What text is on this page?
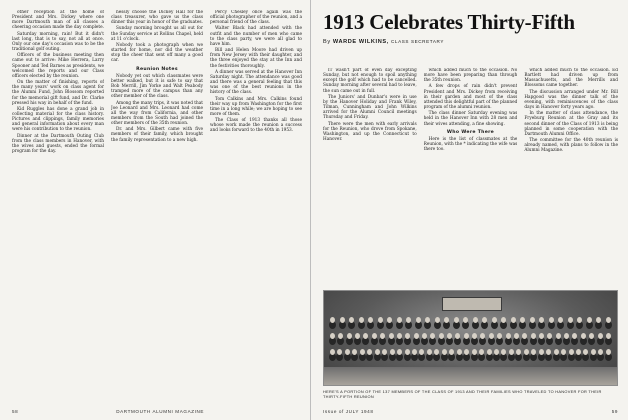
other reception at the home of President and Mrs. Dickey where one more Dartmouth man of all classes a cheering occasion made the day complete.

Saturday morning, rain! But it didn't last long, that is to say, not all at once. Only our one day's occasion was to be the traditional golf outing.

Officers of the business meeting then came out to arrive: Mike Herrera, Larry Spooner and Ted Barnes as presidents, we welcomed the reports and our Class officers elected by the reunion.

On the matter of finishing, reports of the many years' work on class agent for the Alumni Fund, John Blossom reported for the memorial gift fund, and Dr. Clarke pressed his way in behalf of the fund.

Kid Ruggles has done a grand job in collecting material for the class history. Pictures and clippings, family memories and general information about every man were his contribution to the reunion.

Dinner at the Dartmouth Outing Club from the class members in Hanover, with the wives and guests, ended the formal program for the day.

nessly choose the Dickey Hall for the class treasurer, who gave us the class dinner this year in honor of the graduates.

Sunday morning brought us all out for the Sunday service at Rollins Chapel, held at 11 o'clock.

Nobody took a photograph when we started for home, nor did the weather stop the cheer that sent off many a good car.

Reunion Notes

Nobody yet out which classmates were better walked, but it is safe to say that Bob Merrill, Jim Yorke and Walt Peabody tramped more of the campus than any other member of the class.

Among the many trips, it was noted that Joe Leonard and Mrs. Leonard had come all the way from California, and other members from the South had joined the other members of the 35th reunion.

Dr. and Mrs. Gilbert came with five members of their family, which brought the family representation to a new high.

Percy Chesley once again was the official photographer of the reunion, and a personal friend of the class.

Walter Black had attended with the outfit and the number of men who came to the class party, we were all glad to have him.

Bill and Helen Moore had driven up from New Jersey with their daughter, and the three enjoyed the stay at the Inn and the festivities thoroughly.

A dinner was served at the Hanover Inn Saturday night. The attendance was good and there was a general feeling that this was one of the best reunions in the history of the class.

Tom Calkins and Mrs. Calkins found their way up from Washington for the first time in a long while; we are hoping to see more of them.

The Class of 1913 thanks all those whose work made the reunion a success and looks forward to the 40th in 1953.

58	DARTMOUTH ALUMNI MAGAZINE
1913 Celebrates Thirty-Fifth
By WARDE WILKINS, CLASS SECRETARY

IT wasn't part of even day excepting Sunday, but not enough to spoil anything except the golf which had to be cancelled. Sunday morning after several had to leave, the sun came out in full.

The Juniors' and Dunbar's were in use by the Hanover Holiday and Frank Wiley, Tilman, Cunningham and John Wilkins arrived for the Alumni Council meetings Thursday and Friday.

There were the men with early arrivals for the Reunion, who drove from Spokane, Washington, and up the Connecticut to Hanover.

which added much to the occasion. No more have been preparing than through the 35th reunion.

A few drops of rain didn't prevent President and Mrs. Dickey from receiving in their garden and most of the class attended this delightful part of the planned program of the alumni reunion.

The class dinner Saturday evening was held in the Hanover Inn with 28 men and their wives attending, a fine showing.

Who Were There

Here is the list of classmates at the Reunion, with the * indicating the wife was there too.

which added much to the occasion. Ed Bartlett had driven up from Massachusetts, and the Merrills and Blossoms came together.

The discussion arranged under Mr. Bill Hapgood was the dinner talk of the evening, with reminiscences of the class days in Hanover forty years ago.

In the matter of class attendance, the Fryeburg Reunion at the Gray and its second dinner of the Class of 1913 is being planned in some cooperation with the Dartmouth Alumni Office.

The committee for the 40th reunion is already named, with plans to follow in the Alumni Magazine.

HERE'S A PORTION OF THE 137 MEMBERS OF THE CLASS OF 1913 AND THEIR FAMILIES WHO TRAVELED TO HANOVER FOR THEIR THIRTY-FIFTH REUNION
Issue of JULY 1948	59
